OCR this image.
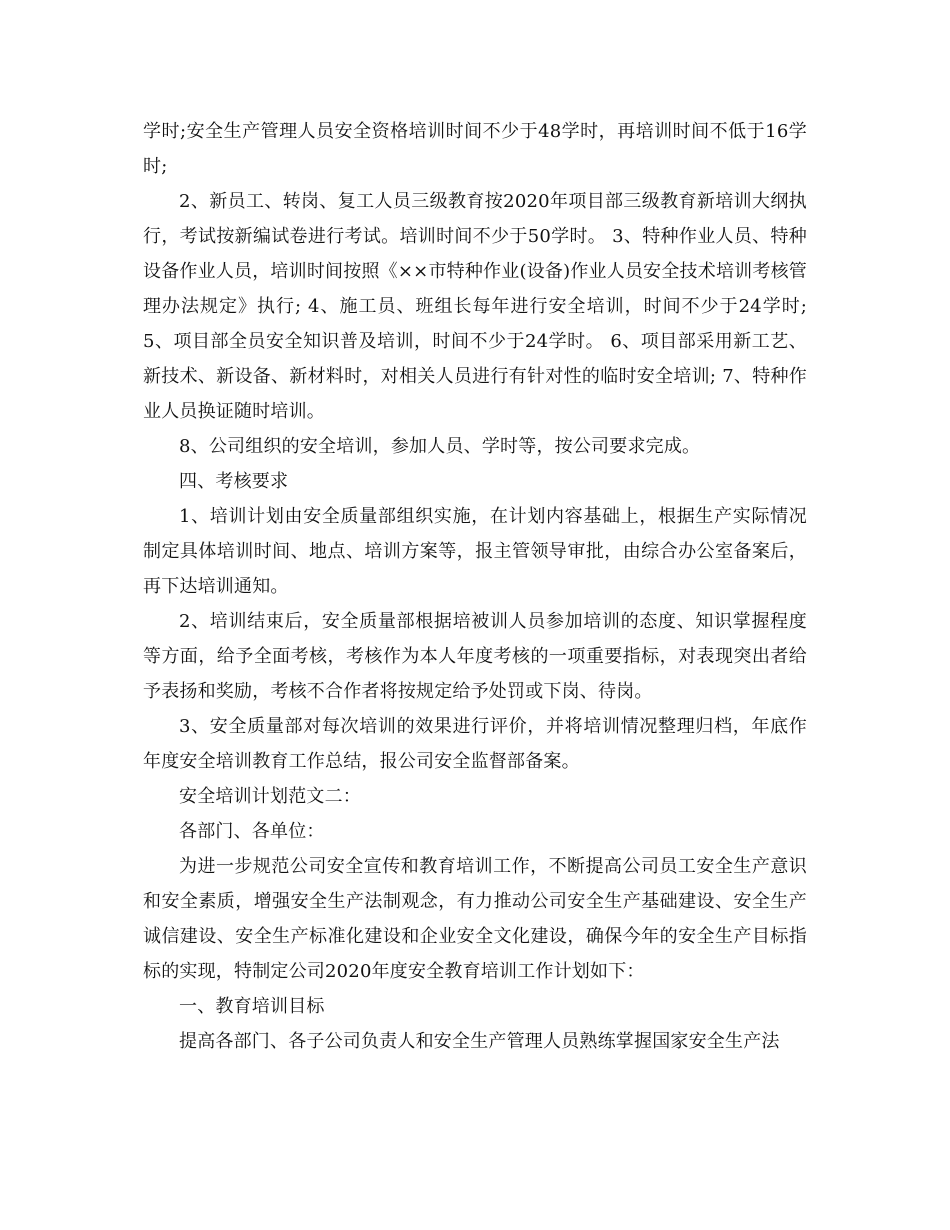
学时;安全生产管理人员安全资格培训时间不少于48学时，再培训时间不低于16学时;

2、新员工、转岗、复工人员三级教育按2020年项目部三级教育新培训大纲执行，考试按新编试卷进行考试。培训时间不少于50学时。 3、特种作业人员、特种设备作业人员，培训时间按照《××市特种作业(设备)作业人员安全技术培训考核管理办法规定》执行; 4、施工员、班组长每年进行安全培训，时间不少于24学时; 5、项目部全员安全知识普及培训，时间不少于24学时。 6、项目部采用新工艺、新技术、新设备、新材料时，对相关人员进行有针对性的临时安全培训; 7、特种作业人员换证随时培训。

8、公司组织的安全培训，参加人员、学时等，按公司要求完成。

四、考核要求

1、培训计划由安全质量部组织实施，在计划内容基础上，根据生产实际情况制定具体培训时间、地点、培训方案等，报主管领导审批，由综合办公室备案后，再下达培训通知。

2、培训结束后，安全质量部根据培被训人员参加培训的态度、知识掌握程度等方面，给予全面考核，考核作为本人年度考核的一项重要指标，对表现突出者给予表扬和奖励，考核不合作者将按规定给予处罚或下岗、待岗。

3、安全质量部对每次培训的效果进行评价，并将培训情况整理归档，年底作年度安全培训教育工作总结，报公司安全监督部备案。

安全培训计划范文二：

各部门、各单位：

为进一步规范公司安全宣传和教育培训工作，不断提高公司员工安全生产意识和安全素质，增强安全生产法制观念，有力推动公司安全生产基础建设、安全生产诚信建设、安全生产标准化建设和企业安全文化建设，确保今年的安全生产目标指标的实现，特制定公司2020年度安全教育培训工作计划如下：

一、教育培训目标

提高各部门、各子公司负责人和安全生产管理人员熟练掌握国家安全生产法
